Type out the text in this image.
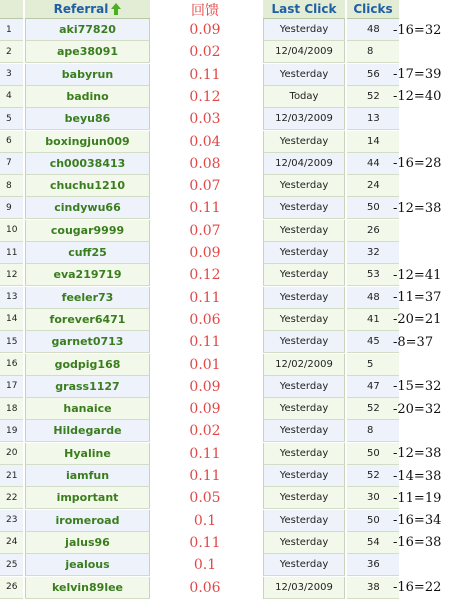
Referral	回馈	Last Click	Clicks
1	aki77820	0.09	Yesterday	48	-16=32
2	ape38091	0.02	12/04/2009	8
3	babyrun	0.11	Yesterday	56	-17=39
4	badino	0.12	Today	52	-12=40
5	beyu86	0.03	12/03/2009	13
6	boxingjun009	0.04	Yesterday	14
7	ch00038413	0.08	12/04/2009	44	-16=28
8	chuchu1210	0.07	Yesterday	24
9	cindywu66	0.11	Yesterday	50	-12=38
10	cougar9999	0.07	Yesterday	26
11	cuff25	0.09	Yesterday	32
12	eva219719	0.12	Yesterday	53	-12=41
13	feeler73	0.11	Yesterday	48	-11=37
14	forever6471	0.06	Yesterday	41	-20=21
15	garnet0713	0.11	Yesterday	45	-8=37
16	godpig168	0.01	12/02/2009	5
17	grass1127	0.09	Yesterday	47	-15=32
18	hanaice	0.09	Yesterday	52	-20=32
19	Hildegarde	0.02	Yesterday	8
20	Hyaline	0.11	Yesterday	50	-12=38
21	iamfun	0.11	Yesterday	52	-14=38
22	important	0.05	Yesterday	30	-11=19
23	iromeroad	0.1	Yesterday	50	-16=34
24	jalus96	0.11	Yesterday	54	-16=38
25	jealous	0.1	Yesterday	36
26	kelvin89lee	0.06	12/03/2009	38	-16=22
